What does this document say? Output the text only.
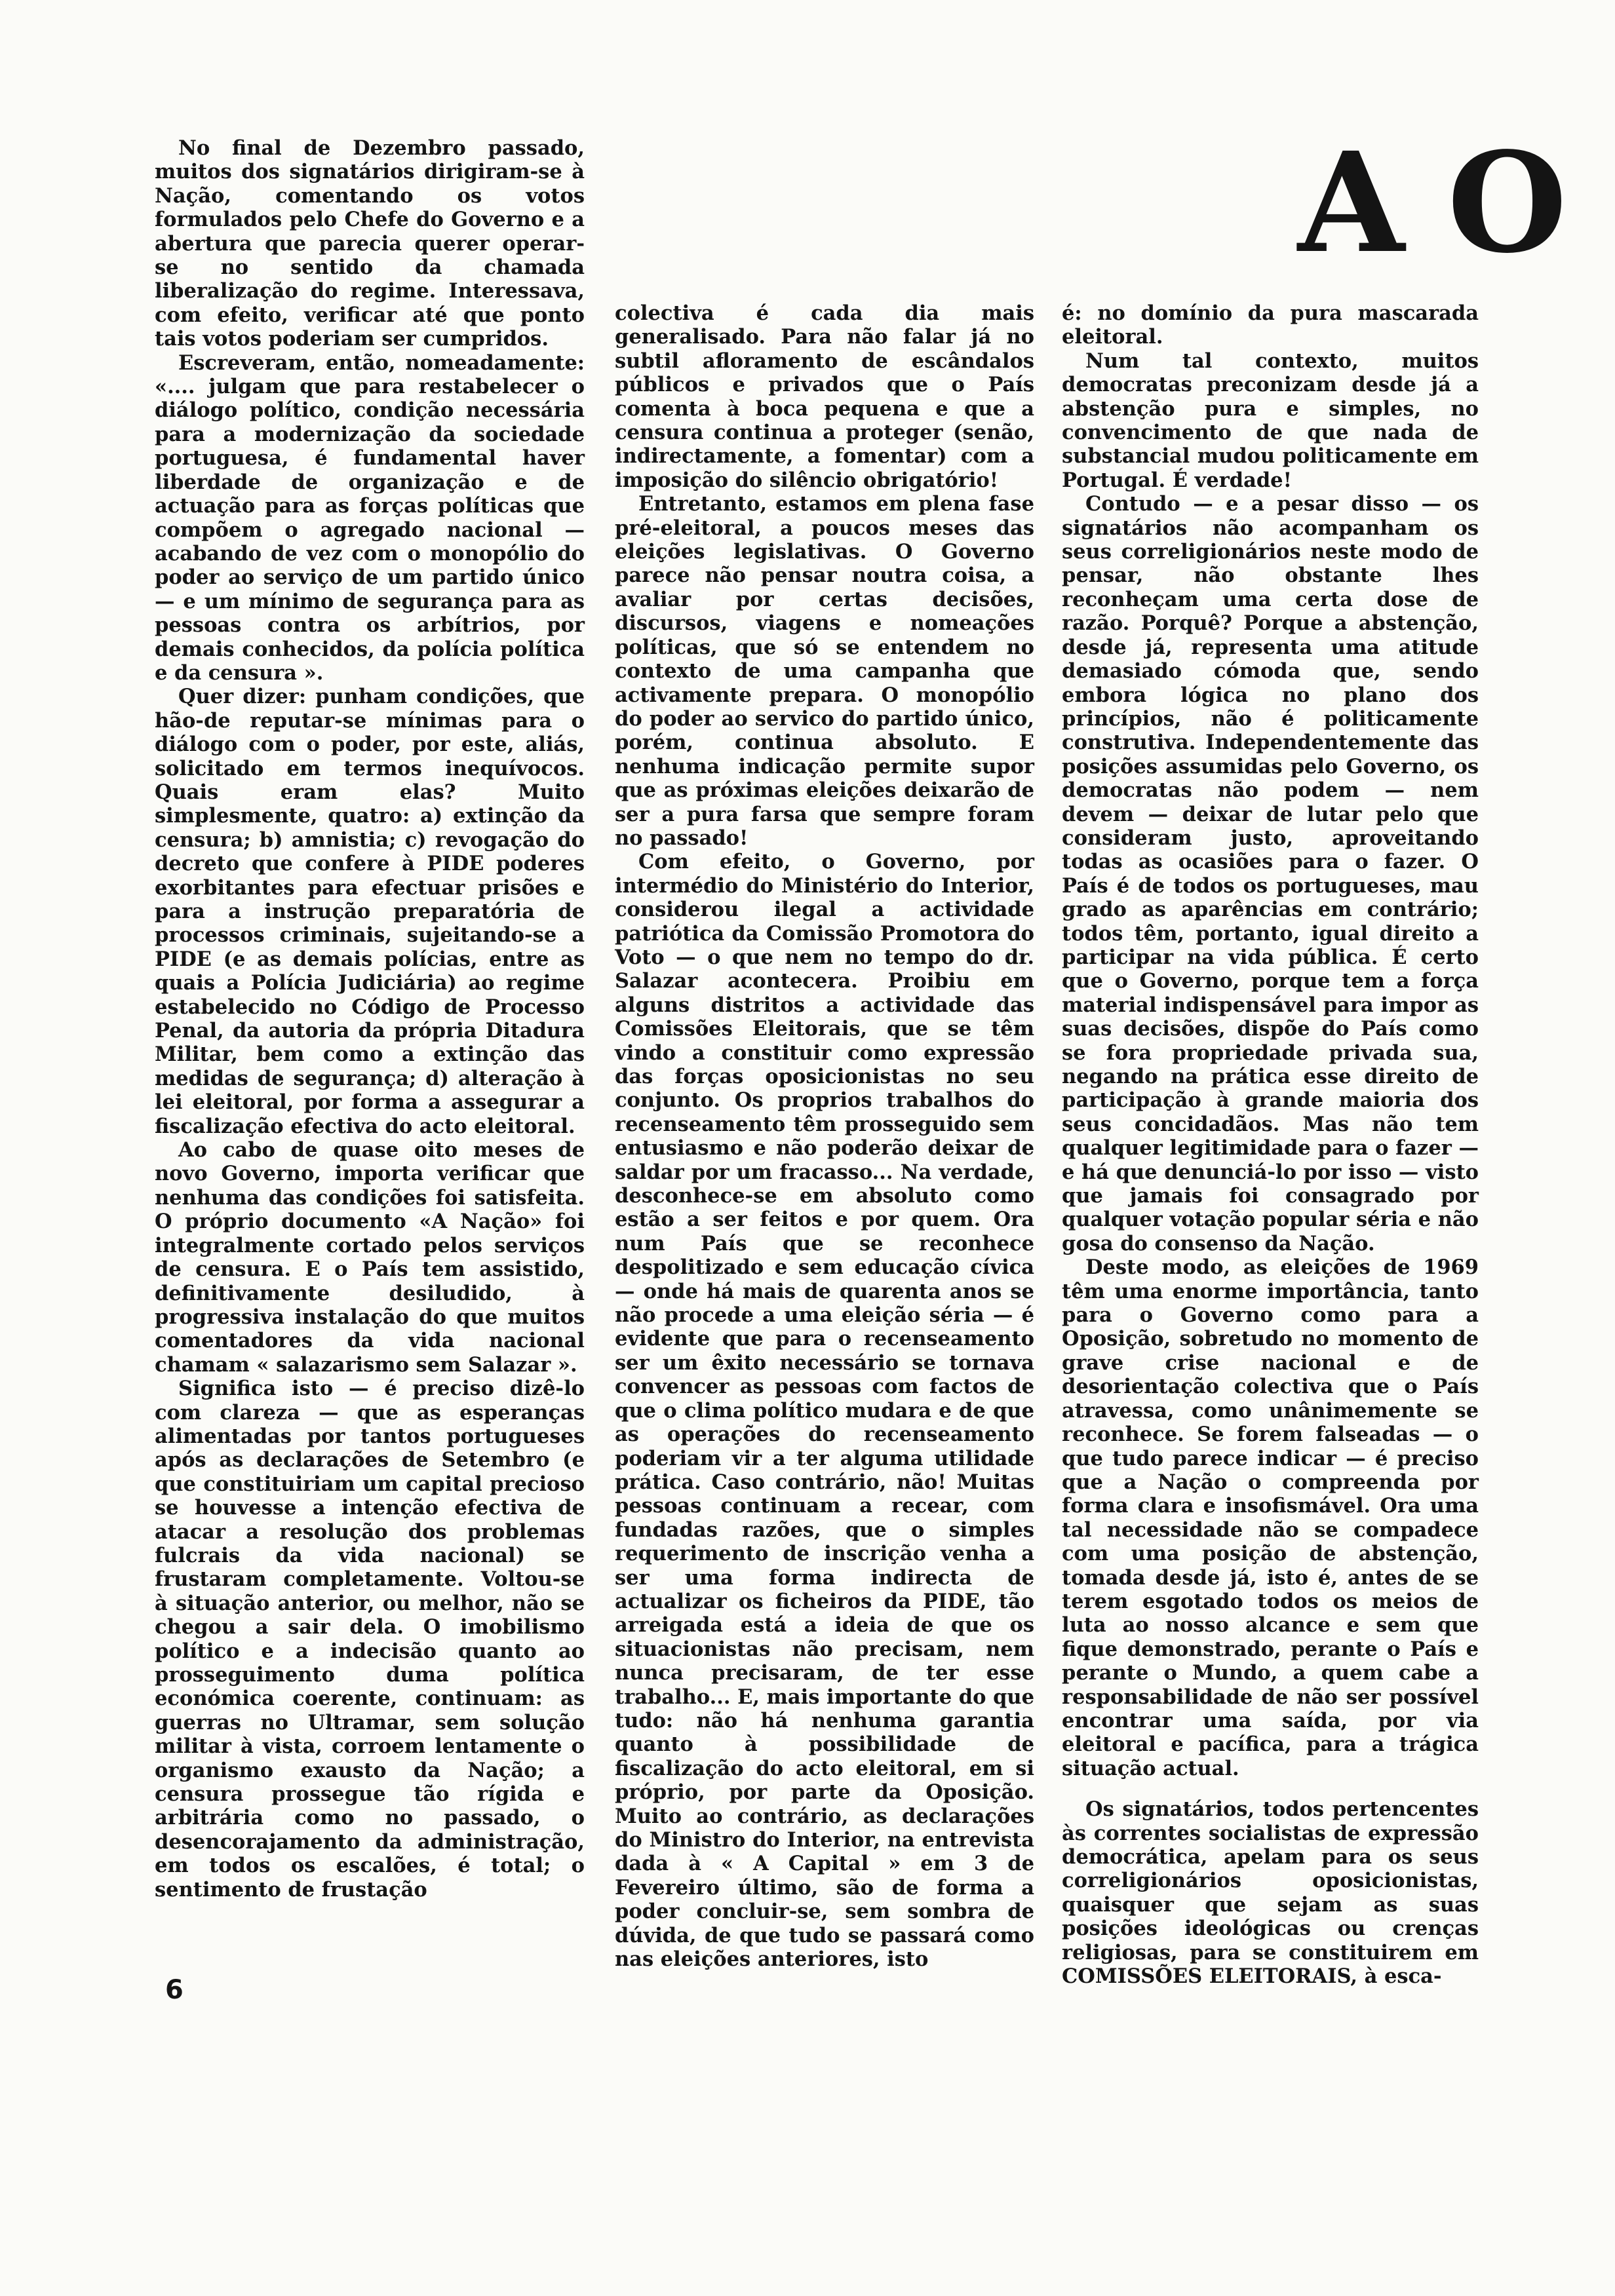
A O

No final de Dezembro passado, muitos dos signatários dirigiram-se à Nação, comentando os votos formulados pelo Chefe do Governo e a abertura que parecia querer operar-se no sentido da chamada liberalização do regime. Interessava, com efeito, verificar até que ponto tais votos poderiam ser cumpridos.

Escreveram, então, nomeadamente: «.... julgam que para restabelecer o diálogo político, condição necessária para a modernização da sociedade portuguesa, é fundamental haver liberdade de organização e de actuação para as forças políticas que compõem o agregado nacional — acabando de vez com o monopólio do poder ao serviço de um partido único — e um mínimo de segurança para as pessoas contra os arbítrios, por demais conhecidos, da polícia política e da censura ».

Quer dizer: punham condições, que hão-de reputar-se mínimas para o diálogo com o poder, por este, aliás, solicitado em termos inequívocos. Quais eram elas? Muito simplesmente, quatro: a) extinção da censura; b) amnistia; c) revogação do decreto que confere à PIDE poderes exorbitantes para efectuar prisões e para a instrução preparatória de processos criminais, sujeitando-se a PIDE (e as demais polícias, entre as quais a Polícia Judiciária) ao regime estabelecido no Código de Processo Penal, da autoria da própria Ditadura Militar, bem como a extinção das medidas de segurança; d) alteração à lei eleitoral, por forma a assegurar a fiscalização efectiva do acto eleitoral.

Ao cabo de quase oito meses de novo Governo, importa verificar que nenhuma das condições foi satisfeita. O próprio documento «A Nação» foi integralmente cortado pelos serviços de censura. E o País tem assistido, definitivamente desiludido, à progressiva instalação do que muitos comentadores da vida nacional chamam « salazarismo sem Salazar ».

Significa isto — é preciso dizê-lo com clareza — que as esperanças alimentadas por tantos portugueses após as declarações de Setembro (e que constituiriam um capital precioso se houvesse a intenção efectiva de atacar a resolução dos problemas fulcrais da vida nacional) se frustaram completamente. Voltou-se à situação anterior, ou melhor, não se chegou a sair dela. O imobilismo político e a indecisão quanto ao prosseguimento duma política económica coerente, continuam: as guerras no Ultramar, sem solução militar à vista, corroem lentamente o organismo exausto da Nação; a censura prossegue tão rígida e arbitrária como no passado, o desencorajamento da administração, em todos os escalões, é total; o sentimento de frustação

colectiva é cada dia mais generalisado. Para não falar já no subtil afloramento de escândalos públicos e privados que o País comenta à boca pequena e que a censura continua a proteger (senão, indirectamente, a fomentar) com a imposição do silêncio obrigatório!

Entretanto, estamos em plena fase pré-eleitoral, a poucos meses das eleições legislativas. O Governo parece não pensar noutra coisa, a avaliar por certas decisões, discursos, viagens e nomeações políticas, que só se entendem no contexto de uma campanha que activamente prepara. O monopólio do poder ao servico do partido único, porém, continua absoluto. E nenhuma indicação permite supor que as próximas eleições deixarão de ser a pura farsa que sempre foram no passado!

Com efeito, o Governo, por intermédio do Ministério do Interior, considerou ilegal a actividade patriótica da Comissão Promotora do Voto — o que nem no tempo do dr. Salazar acontecera. Proibiu em alguns distritos a actividade das Comissões Eleitorais, que se têm vindo a constituir como expressão das forças oposicionistas no seu conjunto. Os proprios trabalhos do recenseamento têm prosseguido sem entusiasmo e não poderão deixar de saldar por um fracasso... Na verdade, desconhece-se em absoluto como estão a ser feitos e por quem. Ora num País que se reconhece despolitizado e sem educação cívica — onde há mais de quarenta anos se não procede a uma eleição séria — é evidente que para o recenseamento ser um êxito necessário se tornava convencer as pessoas com factos de que o clima político mudara e de que as operações do recenseamento poderiam vir a ter alguma utilidade prática. Caso contrário, não! Muitas pessoas continuam a recear, com fundadas razões, que o simples requerimento de inscrição venha a ser uma forma indirecta de actualizar os ficheiros da PIDE, tão arreigada está a ideia de que os situacionistas não precisam, nem nunca precisaram, de ter esse trabalho... E, mais importante do que tudo: não há nenhuma garantia quanto à possibilidade de fiscalização do acto eleitoral, em si próprio, por parte da Oposição. Muito ao contrário, as declarações do Ministro do Interior, na entrevista dada à « A Capital » em 3 de Fevereiro último, são de forma a poder concluir-se, sem sombra de dúvida, de que tudo se passará como nas eleições anteriores, isto

é: no domínio da pura mascarada eleitoral.

Num tal contexto, muitos democratas preconizam desde já a abstenção pura e simples, no convencimento de que nada de substancial mudou politicamente em Portugal. É verdade!

Contudo — e a pesar disso — os signatários não acompanham os seus correligionários neste modo de pensar, não obstante lhes reconheçam uma certa dose de razão. Porquê? Porque a abstenção, desde já, representa uma atitude demasiado cómoda que, sendo embora lógica no plano dos princípios, não é politicamente construtiva. Independentemente das posições assumidas pelo Governo, os democratas não podem — nem devem — deixar de lutar pelo que consideram justo, aproveitando todas as ocasiões para o fazer. O País é de todos os portugueses, mau grado as aparências em contrário; todos têm, portanto, igual direito a participar na vida pública. É certo que o Governo, porque tem a força material indispensável para impor as suas decisões, dispõe do País como se fora propriedade privada sua, negando na prática esse direito de participação à grande maioria dos seus concidadãos. Mas não tem qualquer legitimidade para o fazer — e há que denunciá-lo por isso — visto que jamais foi consagrado por qualquer votação popular séria e não gosa do consenso da Nação.

Deste modo, as eleições de 1969 têm uma enorme importância, tanto para o Governo como para a Oposição, sobretudo no momento de grave crise nacional e de desorientação colectiva que o País atravessa, como unânimemente se reconhece. Se forem falseadas — o que tudo parece indicar — é preciso que a Nação o compreenda por forma clara e insofismável. Ora uma tal necessidade não se compadece com uma posição de abstenção, tomada desde já, isto é, antes de se terem esgotado todos os meios de luta ao nosso alcance e sem que fique demonstrado, perante o País e perante o Mundo, a quem cabe a responsabilidade de não ser possível encontrar uma saída, por via eleitoral e pacífica, para a trágica situação actual.

Os signatários, todos pertencentes às correntes socialistas de expressão democrática, apelam para os seus correligionários oposicionistas, quaisquer que sejam as suas posições ideológicas ou crenças religiosas, para se constituirem em COMISSÕES ELEITORAIS, à esca-

6
